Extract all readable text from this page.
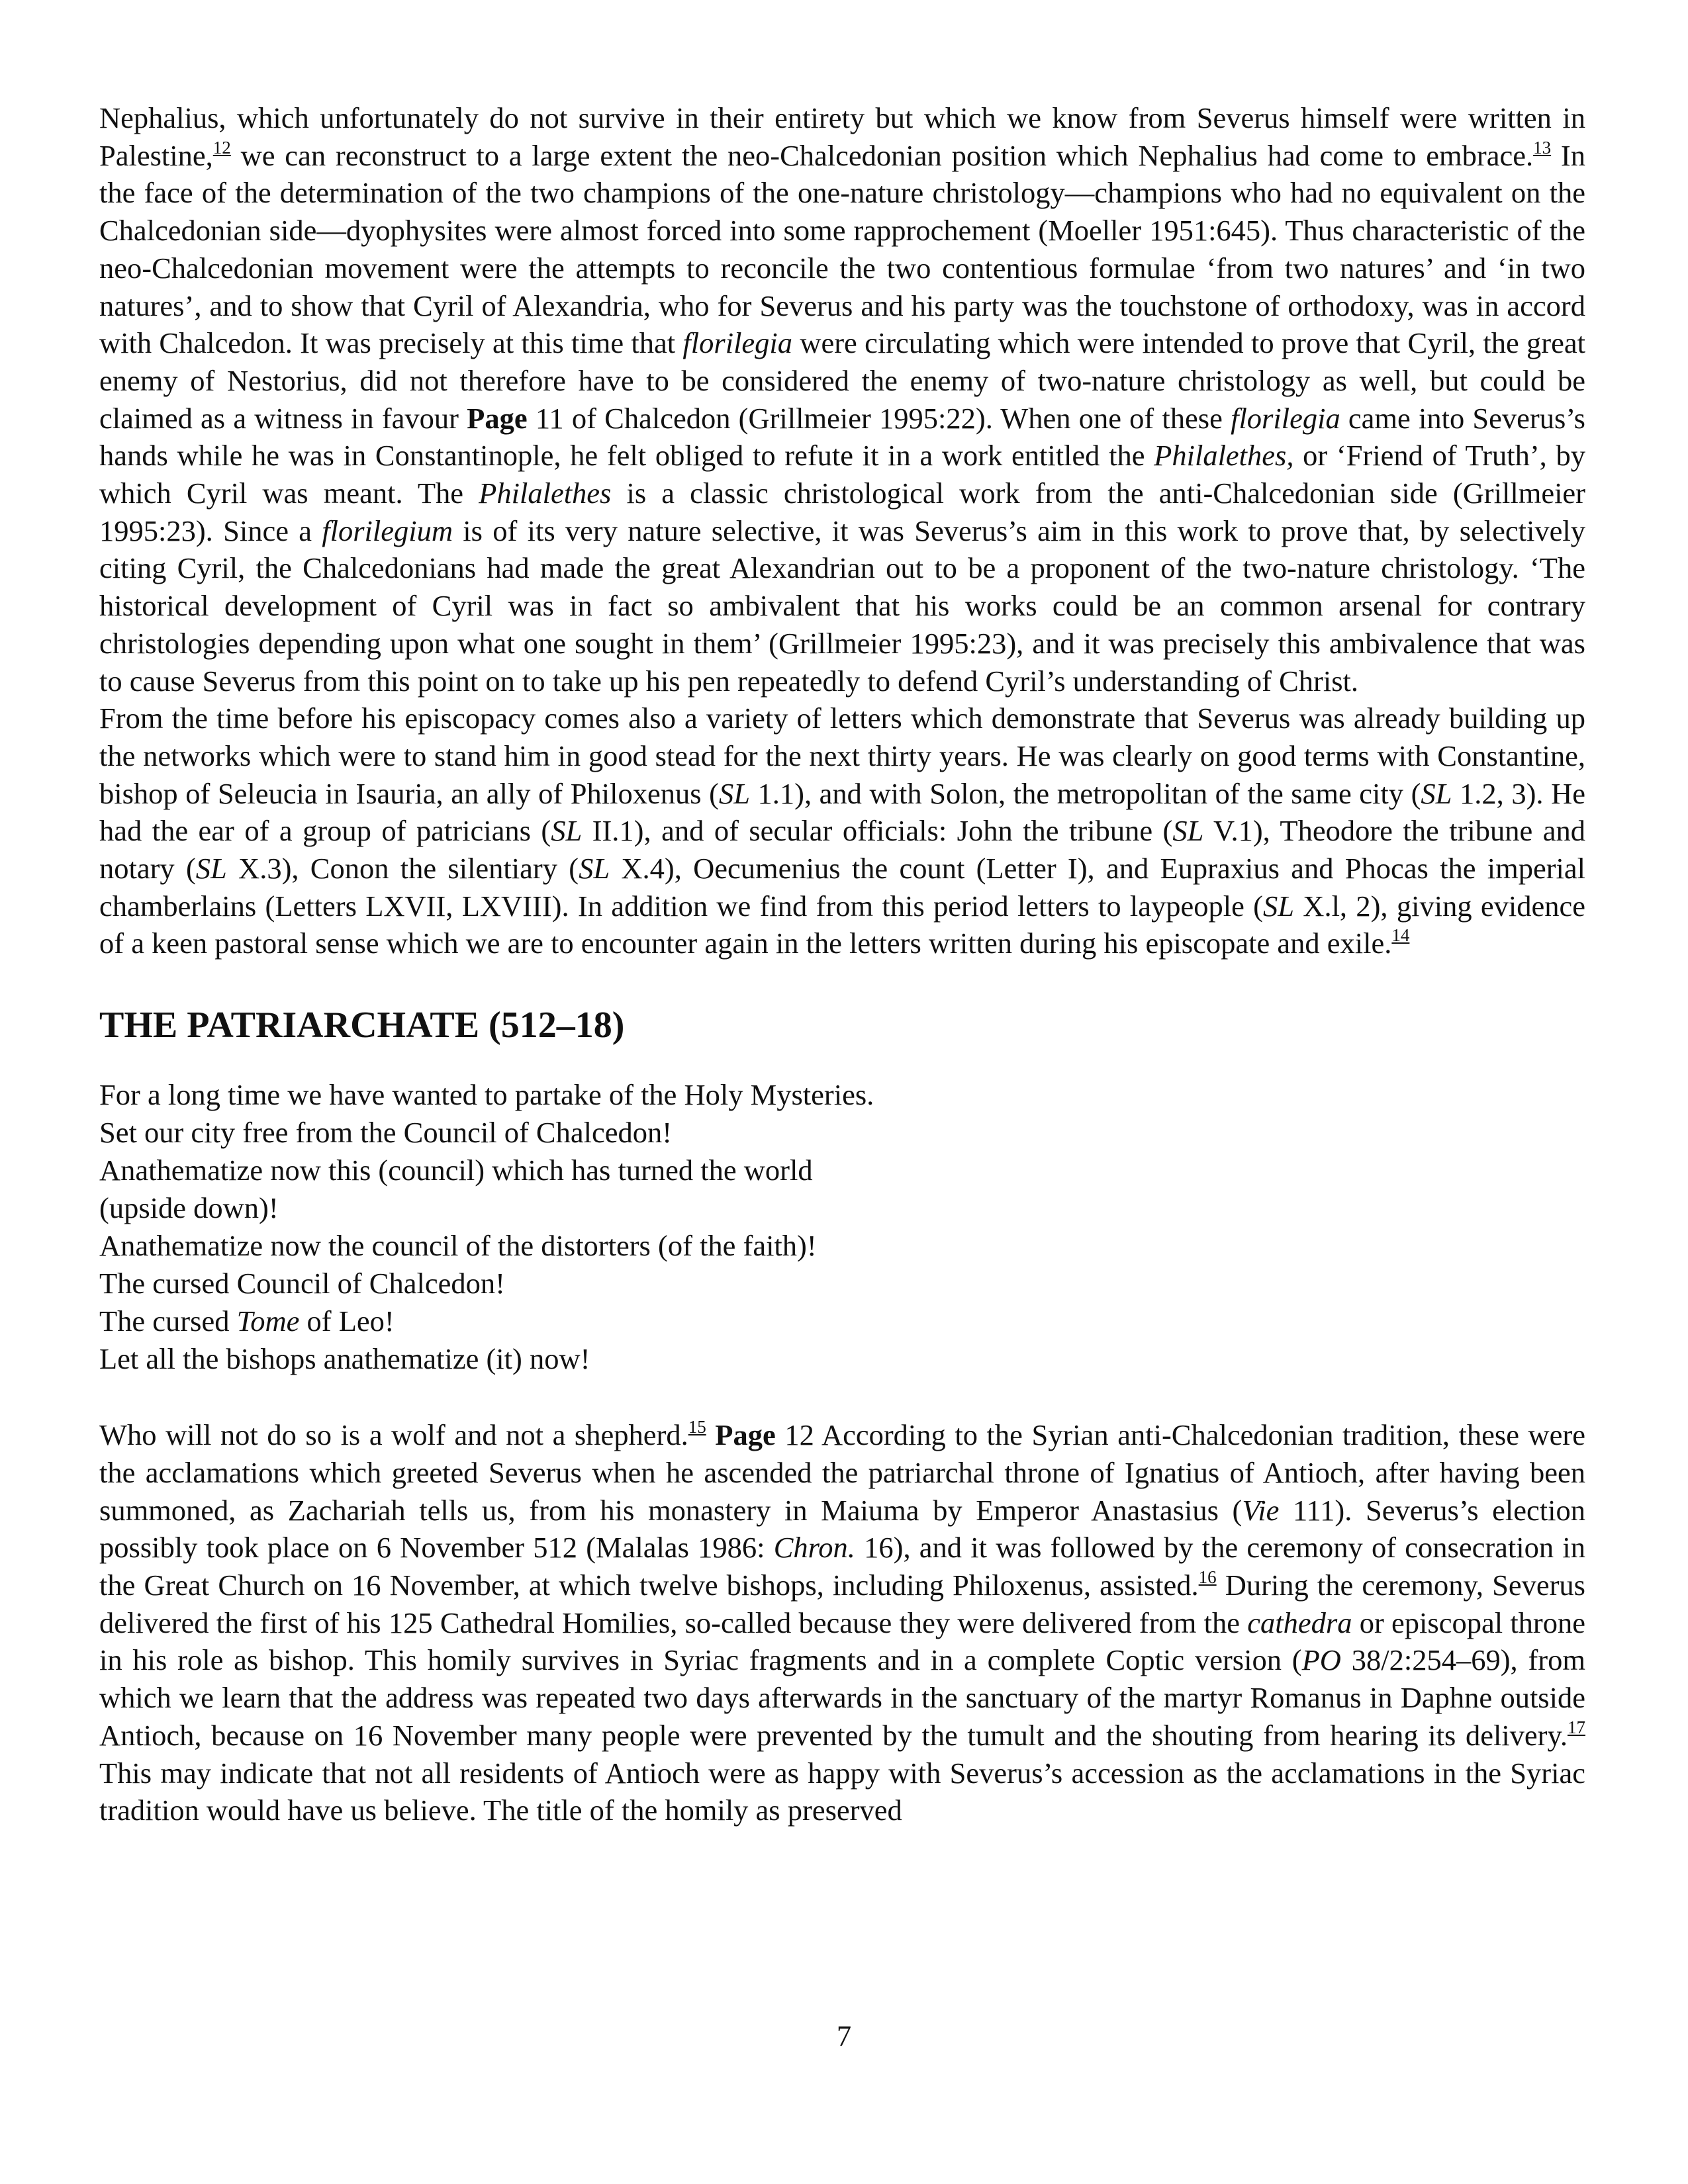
Nephalius, which unfortunately do not survive in their entirety but which we know from Severus himself were written in Palestine,$^{12}$ we can reconstruct to a large extent the neo-Chalcedonian position which Nephalius had come to embrace.$^{13}$ In the face of the determination of the two champions of the one-nature christology—champions who had no equivalent on the Chalcedonian side—dyophysites were almost forced into some rapprochement (Moeller 1951:645). Thus characteristic of the neo-Chalcedonian movement were the attempts to reconcile the two contentious formulae ‘from two natures’ and ‘in two natures’, and to show that Cyril of Alexandria, who for Severus and his party was the touchstone of orthodoxy, was in accord with Chalcedon. It was precisely at this time that florilegia were circulating which were intended to prove that Cyril, the great enemy of Nestorius, did not therefore have to be considered the enemy of two-nature christology as well, but could be claimed as a witness in favour Page 11 of Chalcedon (Grillmeier 1995:22). When one of these florilegia came into Severus’s hands while he was in Constantinople, he felt obliged to refute it in a work entitled the Philalethes, or ‘Friend of Truth’, by which Cyril was meant. The Philalethes is a classic christological work from the anti-Chalcedonian side (Grillmeier 1995:23). Since a florilegium is of its very nature selective, it was Severus’s aim in this work to prove that, by selectively citing Cyril, the Chalcedonians had made the great Alexandrian out to be a proponent of the two-nature christology. ‘The historical development of Cyril was in fact so ambivalent that his works could be an common arsenal for contrary christologies depending upon what one sought in them’ (Grillmeier 1995:23), and it was precisely this ambivalence that was to cause Severus from this point on to take up his pen repeatedly to defend Cyril’s understanding of Christ.

From the time before his episcopacy comes also a variety of letters which demonstrate that Severus was already building up the networks which were to stand him in good stead for the next thirty years. He was clearly on good terms with Constantine, bishop of Seleucia in Isauria, an ally of Philoxenus (SL 1.1), and with Solon, the metropolitan of the same city (SL 1.2, 3). He had the ear of a group of patricians (SL II.1), and of secular officials: John the tribune (SL V.1), Theodore the tribune and notary (SL X.3), Conon the silentiary (SL X.4), Oecumenius the count (Letter I), and Eupraxius and Phocas the imperial chamberlains (Letters LXVII, LXVIII). In addition we find from this period letters to laypeople (SL X.l, 2), giving evidence of a keen pastoral sense which we are to encounter again in the letters written during his episcopate and exile.$^{14}$

THE PATRIARCHATE (512–18)
For a long time we have wanted to partake of the Holy Mysteries.
Set our city free from the Council of Chalcedon!
Anathematize now this (council) which has turned the world
(upside down)!
Anathematize now the council of the distorters (of the faith)!
The cursed Council of Chalcedon!
The cursed Tome of Leo!
Let all the bishops anathematize (it) now!

Who will not do so is a wolf and not a shepherd.$^{15}$ Page 12 According to the Syrian anti-Chalcedonian tradition, these were the acclamations which greeted Severus when he ascended the patriarchal throne of Ignatius of Antioch, after having been summoned, as Zachariah tells us, from his monastery in Maiuma by Emperor Anastasius (Vie 111). Severus’s election possibly took place on 6 November 512 (Malalas 1986: Chron. 16), and it was followed by the ceremony of consecration in the Great Church on 16 November, at which twelve bishops, including Philoxenus, assisted.$^{16}$ During the ceremony, Severus delivered the first of his 125 Cathedral Homilies, so-called because they were delivered from the cathedra or episcopal throne in his role as bishop. This homily survives in Syriac fragments and in a complete Coptic version (PO 38/2:254–69), from which we learn that the address was repeated two days afterwards in the sanctuary of the martyr Romanus in Daphne outside Antioch, because on 16 November many people were prevented by the tumult and the shouting from hearing its delivery.$^{17}$ This may indicate that not all residents of Antioch were as happy with Severus’s accession as the acclamations in the Syriac tradition would have us believe. The title of the homily as preserved

7
